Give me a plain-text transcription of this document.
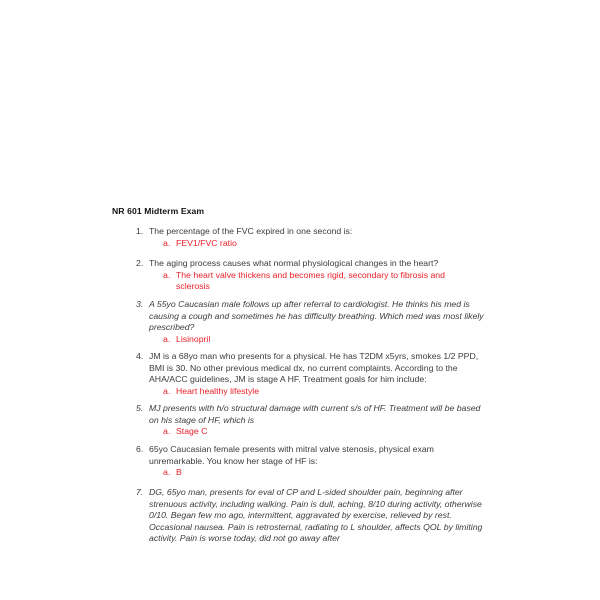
NR 601 Midterm Exam
1. The percentage of the FVC expired in one second is:
a. FEV1/FVC ratio
2. The aging process causes what normal physiological changes in the heart?
a. The heart valve thickens and becomes rigid, secondary to fibrosis and sclerosis
3. A 55yo Caucasian male follows up after referral to cardiologist. He thinks his med is causing a cough and sometimes he has difficulty breathing. Which med was most likely prescribed?
a. Lisinopril
4. JM is a 68yo man who presents for a physical. He has T2DM x5yrs, smokes 1/2 PPD, BMI is 30. No other previous medical dx, no current complaints. According to the AHA/ACC guidelines, JM is stage A HF. Treatment goals for him include:
a. Heart healthy lifestyle
5. MJ presents with h/o structural damage with current s/s of HF. Treatment will be based on his stage of HF, which is
a. Stage C
6. 65yo Caucasian female presents with mitral valve stenosis, physical exam unremarkable. You know her stage of HF is:
a. B
7. DG, 65yo man, presents for eval of CP and L-sided shoulder pain, beginning after strenuous activity, including walking. Pain is dull, aching, 8/10 during activity, otherwise 0/10. Began few mo ago, intermittent, aggravated by exercise, relieved by rest. Occasional nausea. Pain is retrosternal, radiating to L shoulder, affects QOL by limiting activity. Pain is worse today, did not go away after
